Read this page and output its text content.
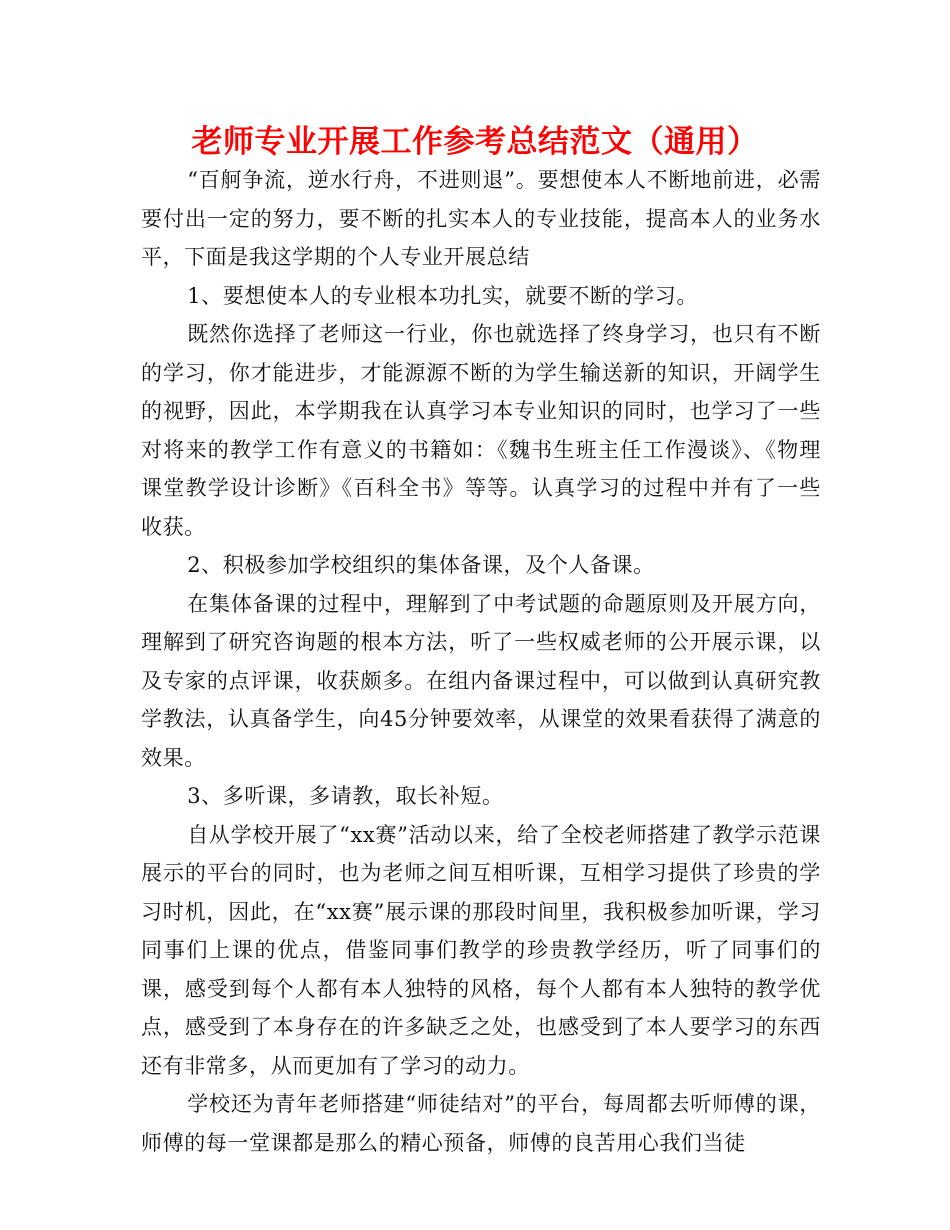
老师专业开展工作参考总结范文（通用）

“百舸争流，逆水行舟，不进则退”。要想使本人不断地前进，必需要付出一定的努力，要不断的扎实本人的专业技能，提高本人的业务水平，下面是我这学期的个人专业开展总结

1、要想使本人的专业根本功扎实，就要不断的学习。

既然你选择了老师这一行业，你也就选择了终身学习，也只有不断的学习，你才能进步，才能源源不断的为学生输送新的知识，开阔学生的视野，因此，本学期我在认真学习本专业知识的同时，也学习了一些对将来的教学工作有意义的书籍如：《魏书生班主任工作漫谈》、《物理课堂教学设计诊断》《百科全书》等等。认真学习的过程中并有了一些收获。

2、积极参加学校组织的集体备课，及个人备课。

在集体备课的过程中，理解到了中考试题的命题原则及开展方向，理解到了研究咨询题的根本方法，听了一些权威老师的公开展示课，以及专家的点评课，收获颇多。在组内备课过程中，可以做到认真研究教学教法，认真备学生，向45分钟要效率，从课堂的效果看获得了满意的效果。

3、多听课，多请教，取长补短。

自从学校开展了“xx赛”活动以来，给了全校老师搭建了教学示范课展示的平台的同时，也为老师之间互相听课，互相学习提供了珍贵的学习时机，因此，在“xx赛”展示课的那段时间里，我积极参加听课，学习同事们上课的优点，借鉴同事们教学的珍贵教学经历，听了同事们的课，感受到每个人都有本人独特的风格，每个人都有本人独特的教学优点，感受到了本身存在的许多缺乏之处，也感受到了本人要学习的东西还有非常多，从而更加有了学习的动力。

学校还为青年老师搭建“师徒结对”的平台，每周都去听师傅的课，师傅的每一堂课都是那么的精心预备，师傅的良苦用心我们当徒
